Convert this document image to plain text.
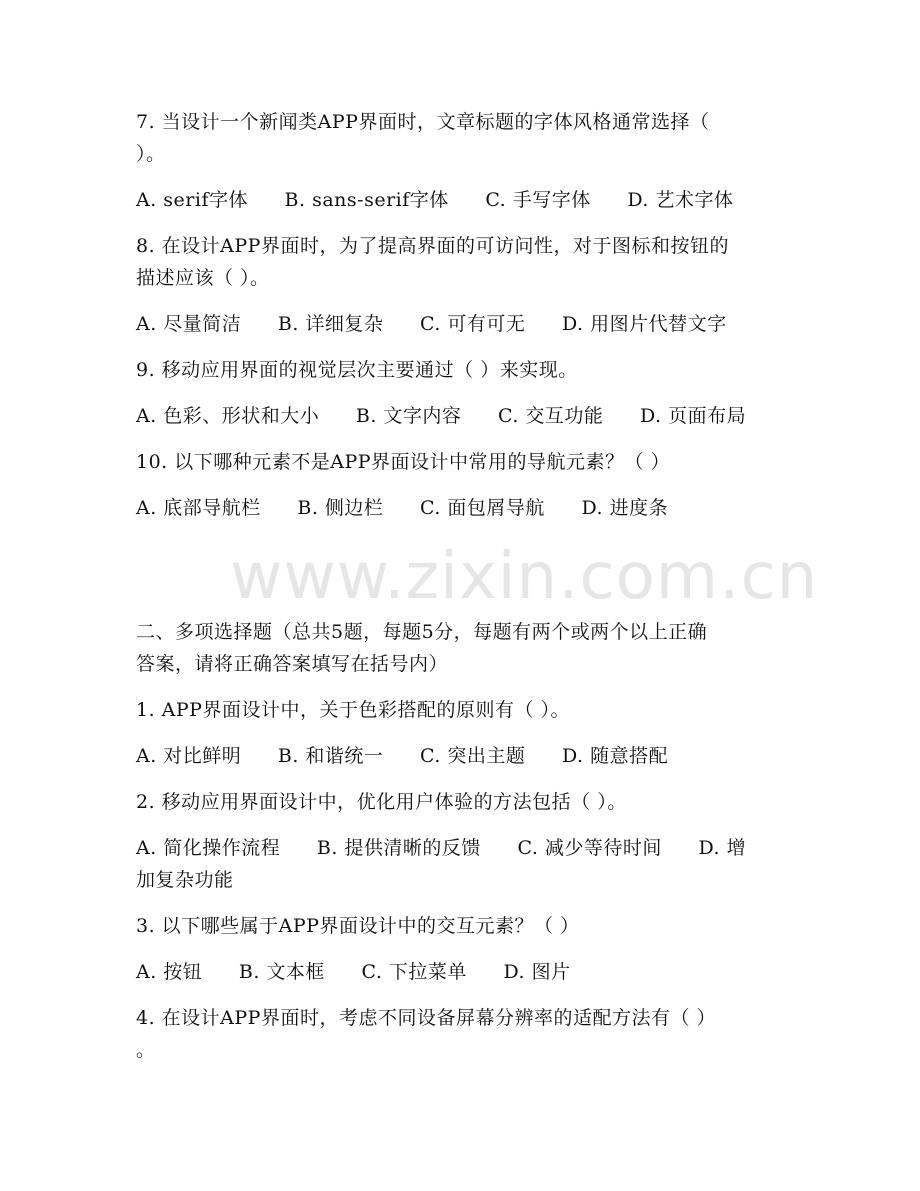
www.zixin.com.cn
7. 当设计一个新闻类APP界面时，文章标题的字体风格通常选择（
）。
A. serif字体 B. sans-serif字体 C. 手写字体 D. 艺术字体
8. 在设计APP界面时，为了提高界面的可访问性，对于图标和按钮的
描述应该（ ）。
A. 尽量简洁 B. 详细复杂 C. 可有可无 D. 用图片代替文字
9. 移动应用界面的视觉层次主要通过（ ）来实现。
A. 色彩、形状和大小 B. 文字内容 C. 交互功能 D. 页面布局
10. 以下哪种元素不是APP界面设计中常用的导航元素？（ ）
A. 底部导航栏 B. 侧边栏 C. 面包屑导航 D. 进度条
二、多项选择题（总共5题，每题5分，每题有两个或两个以上正确
答案，请将正确答案填写在括号内）
1. APP界面设计中，关于色彩搭配的原则有（ ）。
A. 对比鲜明 B. 和谐统一 C. 突出主题 D. 随意搭配
2. 移动应用界面设计中，优化用户体验的方法包括（ ）。
A. 简化操作流程 B. 提供清晰的反馈 C. 减少等待时间 D. 增
加复杂功能
3. 以下哪些属于APP界面设计中的交互元素？（ ）
A. 按钮 B. 文本框 C. 下拉菜单 D. 图片
4. 在设计APP界面时，考虑不同设备屏幕分辨率的适配方法有（ ）
。
